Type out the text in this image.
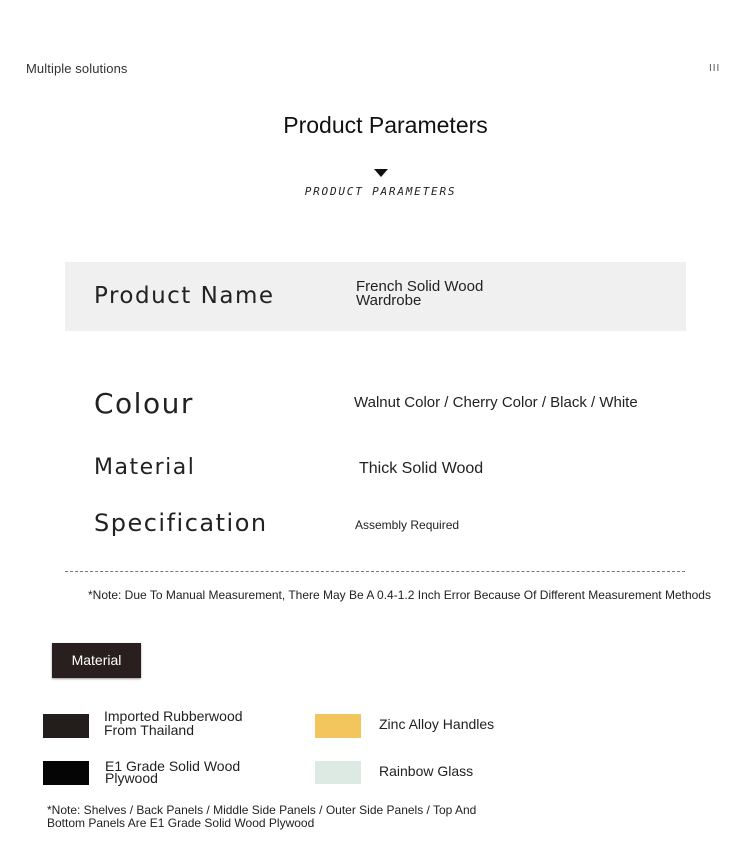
Multiple solutions	III
Product Parameters
PRODUCT PARAMETERS
Product Name	French Solid Wood Wardrobe
Colour	Walnut Color / Cherry Color / Black / White
Material	Thick Solid Wood
Specification	Assembly Required
*Note: Due To Manual Measurement, There May Be A 0.4-1.2 Inch Error Because Of Different Measurement Methods
Material
Imported Rubberwood From Thailand	Zinc Alloy Handles
E1 Grade Solid Wood Plywood	Rainbow Glass
*Note: Shelves / Back Panels / Middle Side Panels / Outer Side Panels / Top And Bottom Panels Are E1 Grade Solid Wood Plywood
